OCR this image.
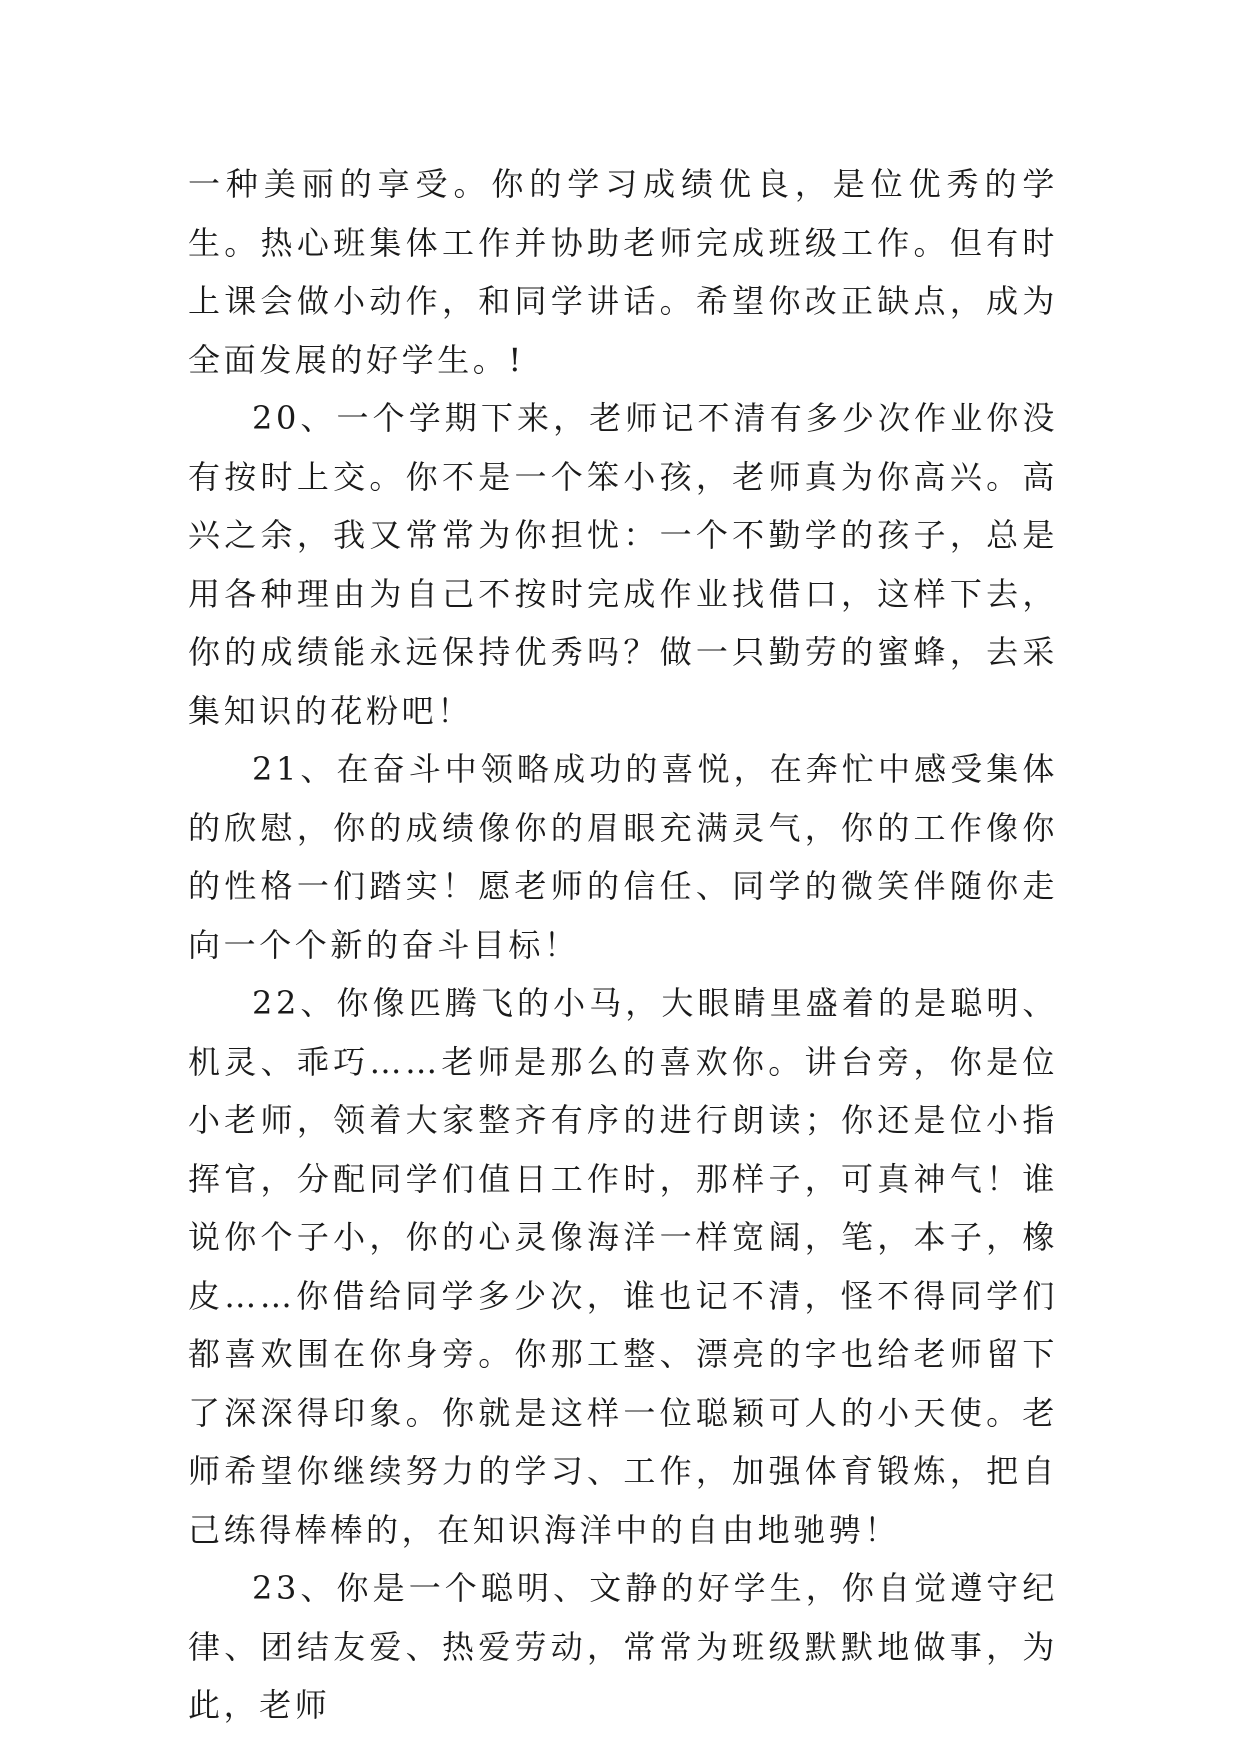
一种美丽的享受。你的学习成绩优良，是位优秀的学生。热心班集体工作并协助老师完成班级工作。但有时上课会做小动作，和同学讲话。希望你改正缺点，成为全面发展的好学生。!

20、一个学期下来，老师记不清有多少次作业你没有按时上交。你不是一个笨小孩，老师真为你高兴。高兴之余，我又常常为你担忧：一个不勤学的孩子，总是用各种理由为自己不按时完成作业找借口，这样下去，你的成绩能永远保持优秀吗？做一只勤劳的蜜蜂，去采集知识的花粉吧！

21、在奋斗中领略成功的喜悦，在奔忙中感受集体的欣慰，你的成绩像你的眉眼充满灵气，你的工作像你的性格一们踏实！愿老师的信任、同学的微笑伴随你走向一个个新的奋斗目标！

22、你像匹腾飞的小马，大眼睛里盛着的是聪明、机灵、乖巧……老师是那么的喜欢你。讲台旁，你是位小老师，领着大家整齐有序的进行朗读；你还是位小指挥官，分配同学们值日工作时，那样子，可真神气！谁说你个子小，你的心灵像海洋一样宽阔，笔，本子，橡皮……你借给同学多少次，谁也记不清，怪不得同学们都喜欢围在你身旁。你那工整、漂亮的字也给老师留下了深深得印象。你就是这样一位聪颖可人的小天使。老师希望你继续努力的学习、工作，加强体育锻炼，把自己练得棒棒的，在知识海洋中的自由地驰骋！

23、你是一个聪明、文静的好学生，你自觉遵守纪律、团结友爱、热爱劳动，常常为班级默默地做事，为此，老师
